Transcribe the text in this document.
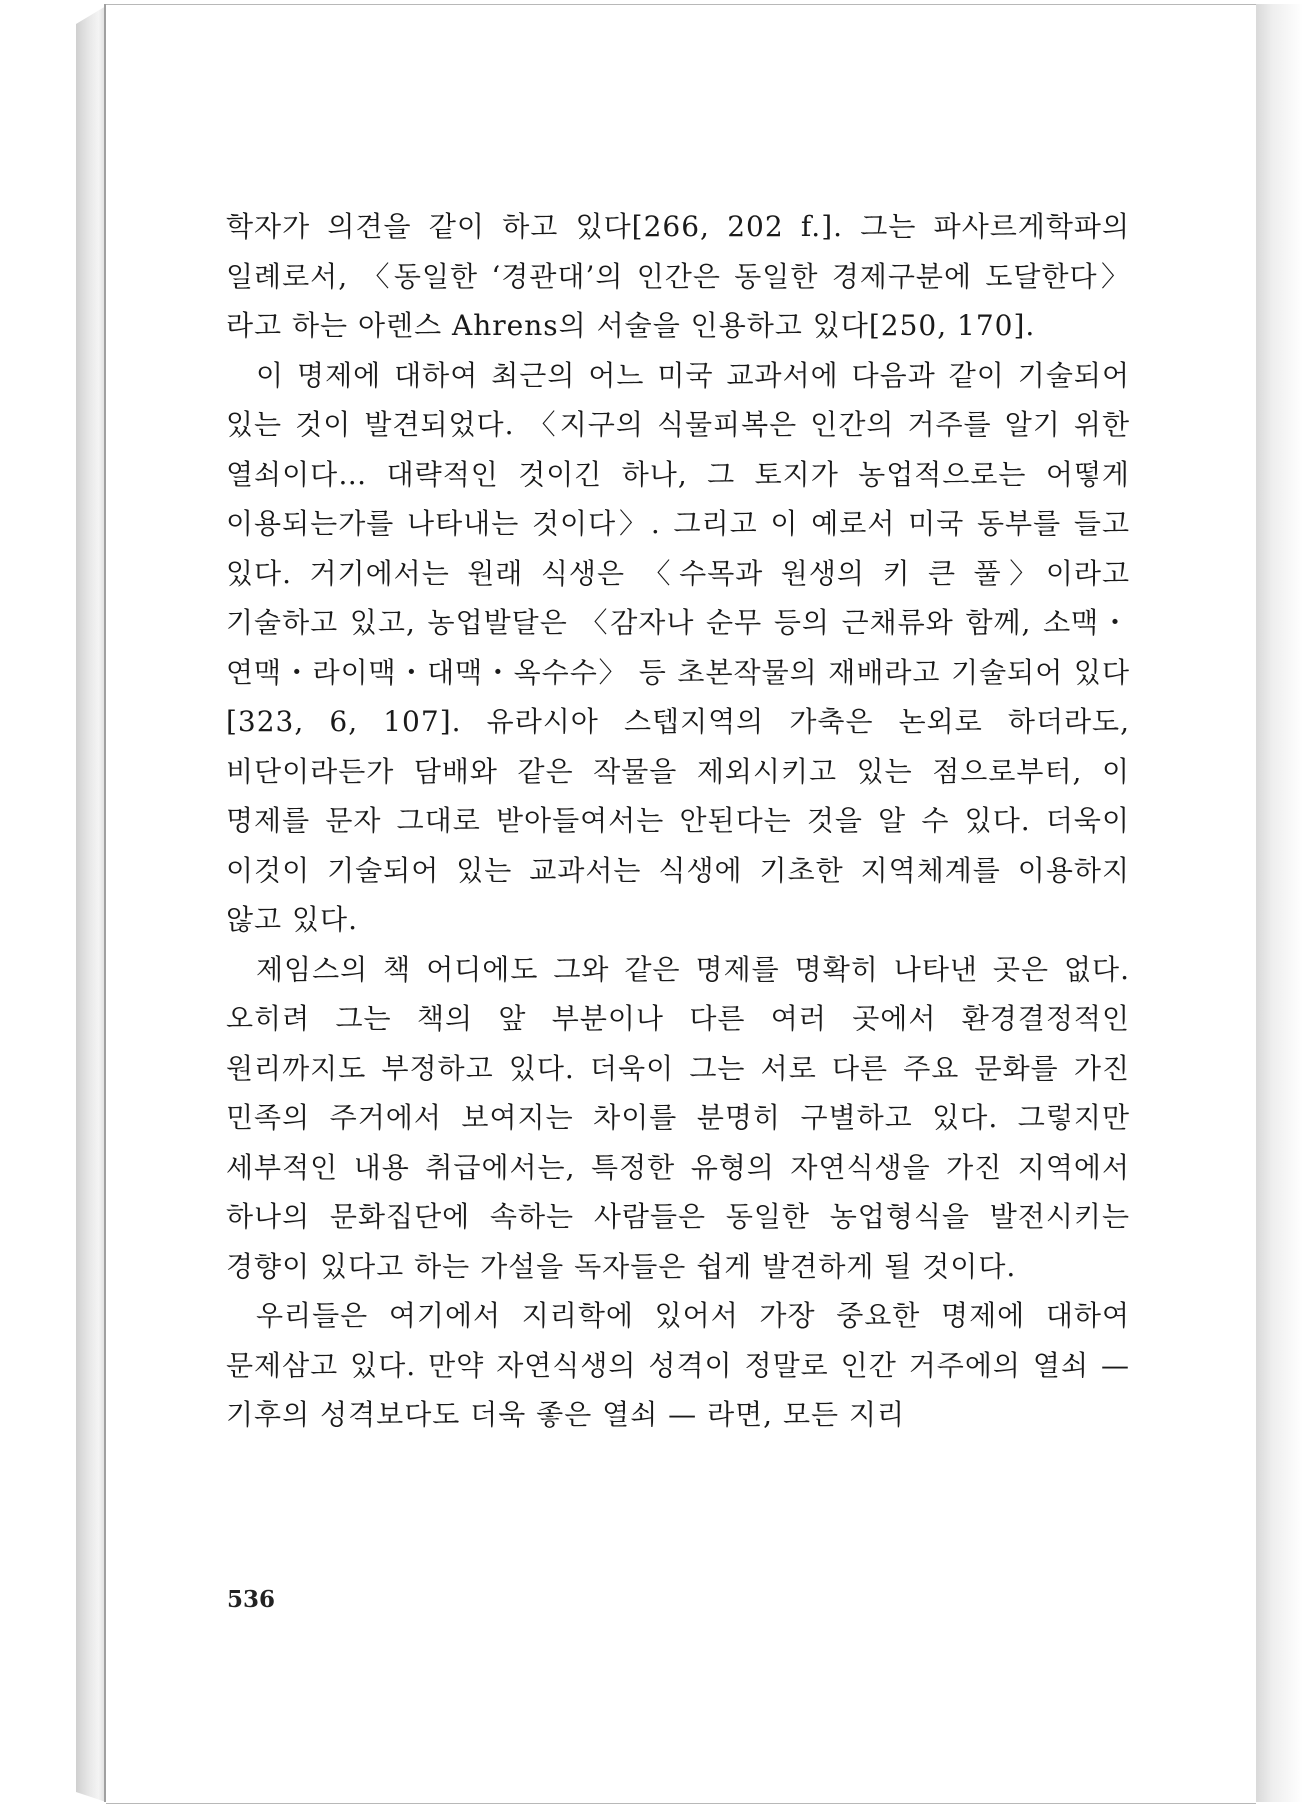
학자가 의견을 같이 하고 있다[266, 202 f.]. 그는 파사르게학파의 일례로서, 〈동일한 ‘경관대’의 인간은 동일한 경제구분에 도달한다〉라고 하는 아렌스 Ahrens의 서술을 인용하고 있다[250, 170].

이 명제에 대하여 최근의 어느 미국 교과서에 다음과 같이 기술되어 있는 것이 발견되었다. 〈지구의 식물피복은 인간의 거주를 알기 위한 열쇠이다… 대략적인 것이긴 하나, 그 토지가 농업적으로는 어떻게 이용되는가를 나타내는 것이다〉. 그리고 이 예로서 미국 동부를 들고 있다. 거기에서는 원래 식생은 〈수목과 원생의 키 큰 풀〉이라고 기술하고 있고, 농업발달은 〈감자나 순무 등의 근채류와 함께, 소맥・연맥・라이맥・대맥・옥수수〉 등 초본작물의 재배라고 기술되어 있다[323, 6, 107]. 유라시아 스텝지역의 가축은 논외로 하더라도, 비단이라든가 담배와 같은 작물을 제외시키고 있는 점으로부터, 이 명제를 문자 그대로 받아들여서는 안된다는 것을 알 수 있다. 더욱이 이것이 기술되어 있는 교과서는 식생에 기초한 지역체계를 이용하지 않고 있다.

제임스의 책 어디에도 그와 같은 명제를 명확히 나타낸 곳은 없다. 오히려 그는 책의 앞 부분이나 다른 여러 곳에서 환경결정적인 원리까지도 부정하고 있다. 더욱이 그는 서로 다른 주요 문화를 가진 민족의 주거에서 보여지는 차이를 분명히 구별하고 있다. 그렇지만 세부적인 내용 취급에서는, 특정한 유형의 자연식생을 가진 지역에서 하나의 문화집단에 속하는 사람들은 동일한 농업형식을 발전시키는 경향이 있다고 하는 가설을 독자들은 쉽게 발견하게 될 것이다.

우리들은 여기에서 지리학에 있어서 가장 중요한 명제에 대하여 문제삼고 있다. 만약 자연식생의 성격이 정말로 인간 거주에의 열쇠 — 기후의 성격보다도 더욱 좋은 열쇠 — 라면, 모든 지리

536
